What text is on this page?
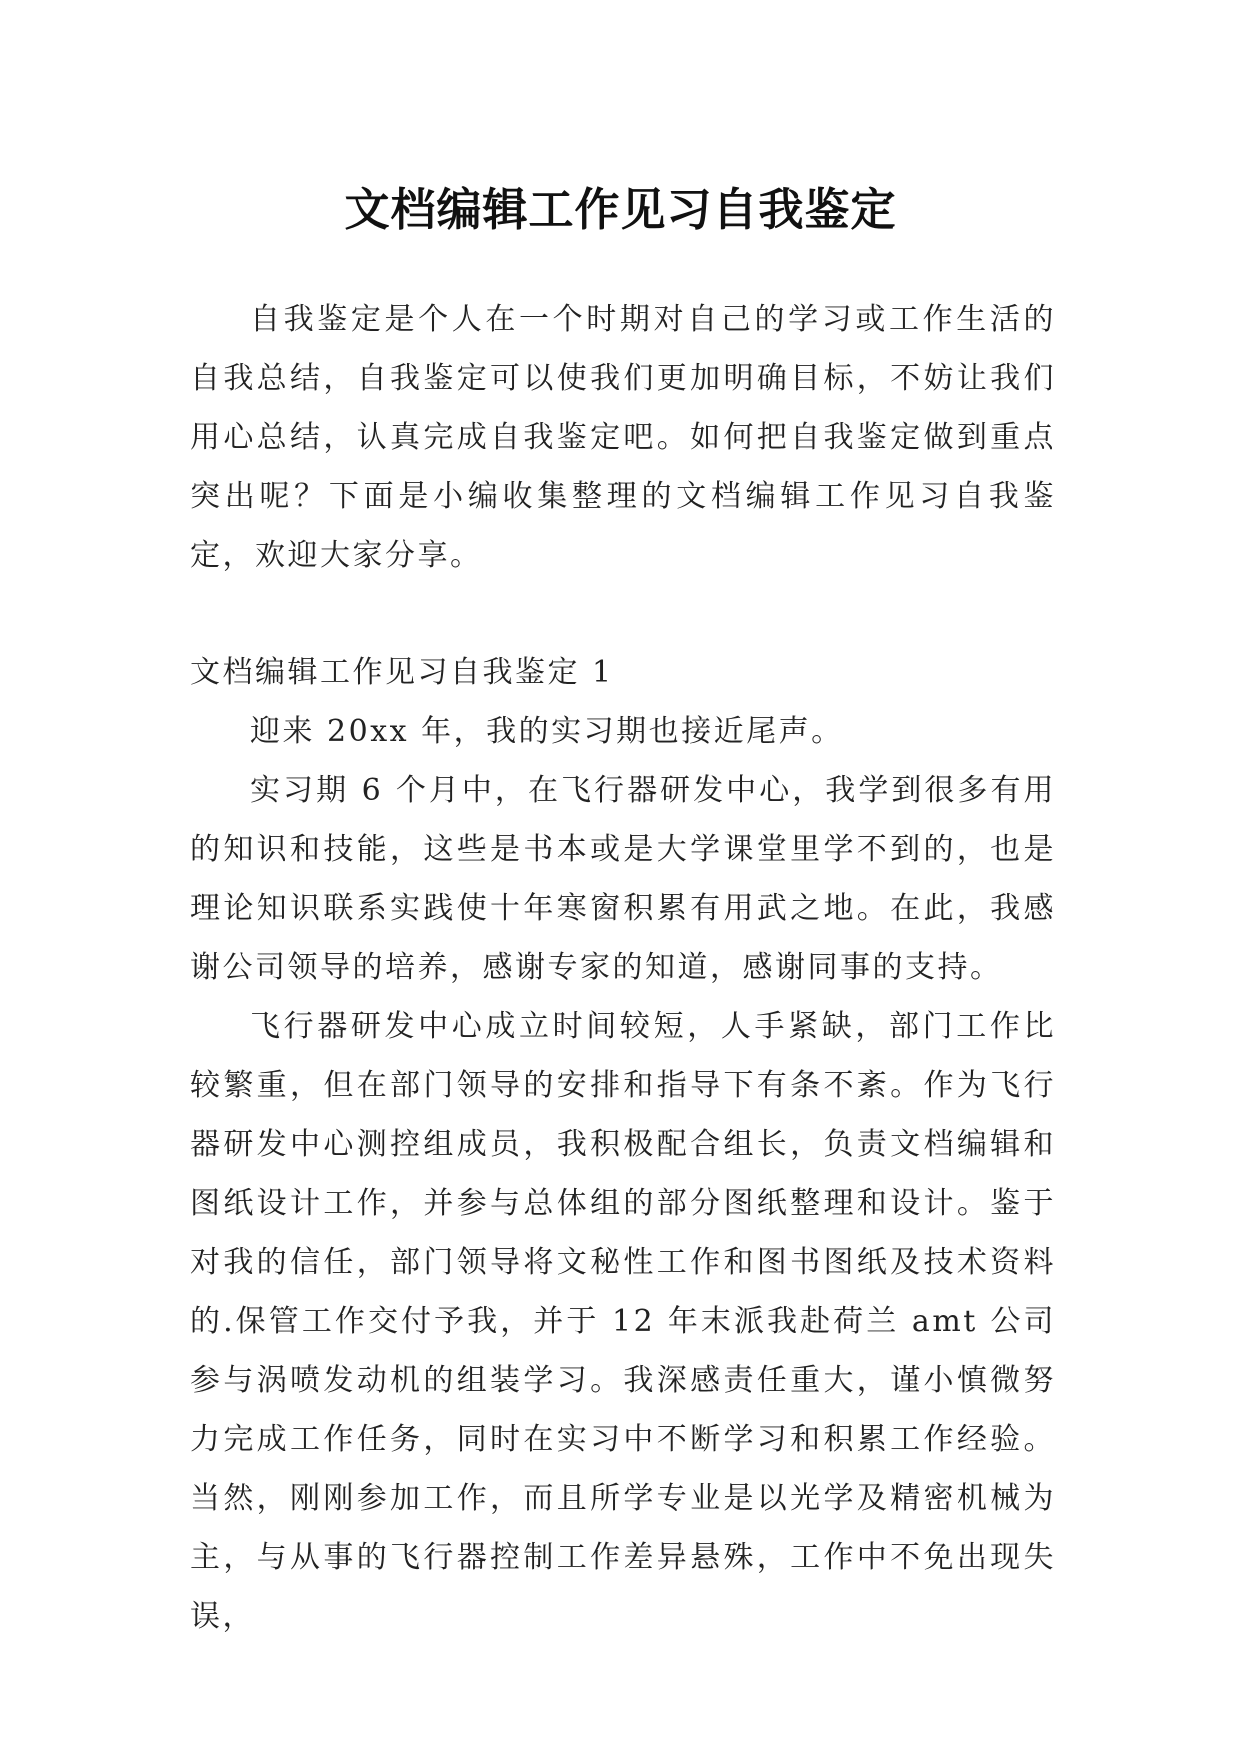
文档编辑工作见习自我鉴定

自我鉴定是个人在一个时期对自己的学习或工作生活的自我总结，自我鉴定可以使我们更加明确目标，不妨让我们用心总结，认真完成自我鉴定吧。如何把自我鉴定做到重点突出呢？下面是小编收集整理的文档编辑工作见习自我鉴定，欢迎大家分享。

文档编辑工作见习自我鉴定 1

迎来 20xx 年，我的实习期也接近尾声。

实习期 6 个月中，在飞行器研发中心，我学到很多有用的知识和技能，这些是书本或是大学课堂里学不到的，也是理论知识联系实践使十年寒窗积累有用武之地。在此，我感谢公司领导的培养，感谢专家的知道，感谢同事的支持。

飞行器研发中心成立时间较短，人手紧缺，部门工作比较繁重，但在部门领导的安排和指导下有条不紊。作为飞行器研发中心测控组成员，我积极配合组长，负责文档编辑和图纸设计工作，并参与总体组的部分图纸整理和设计。鉴于对我的信任，部门领导将文秘性工作和图书图纸及技术资料的.保管工作交付予我，并于 12 年末派我赴荷兰 amt 公司参与涡喷发动机的组装学习。我深感责任重大，谨小慎微努力完成工作任务，同时在实习中不断学习和积累工作经验。当然，刚刚参加工作，而且所学专业是以光学及精密机械为主，与从事的飞行器控制工作差异悬殊，工作中不免出现失误，
